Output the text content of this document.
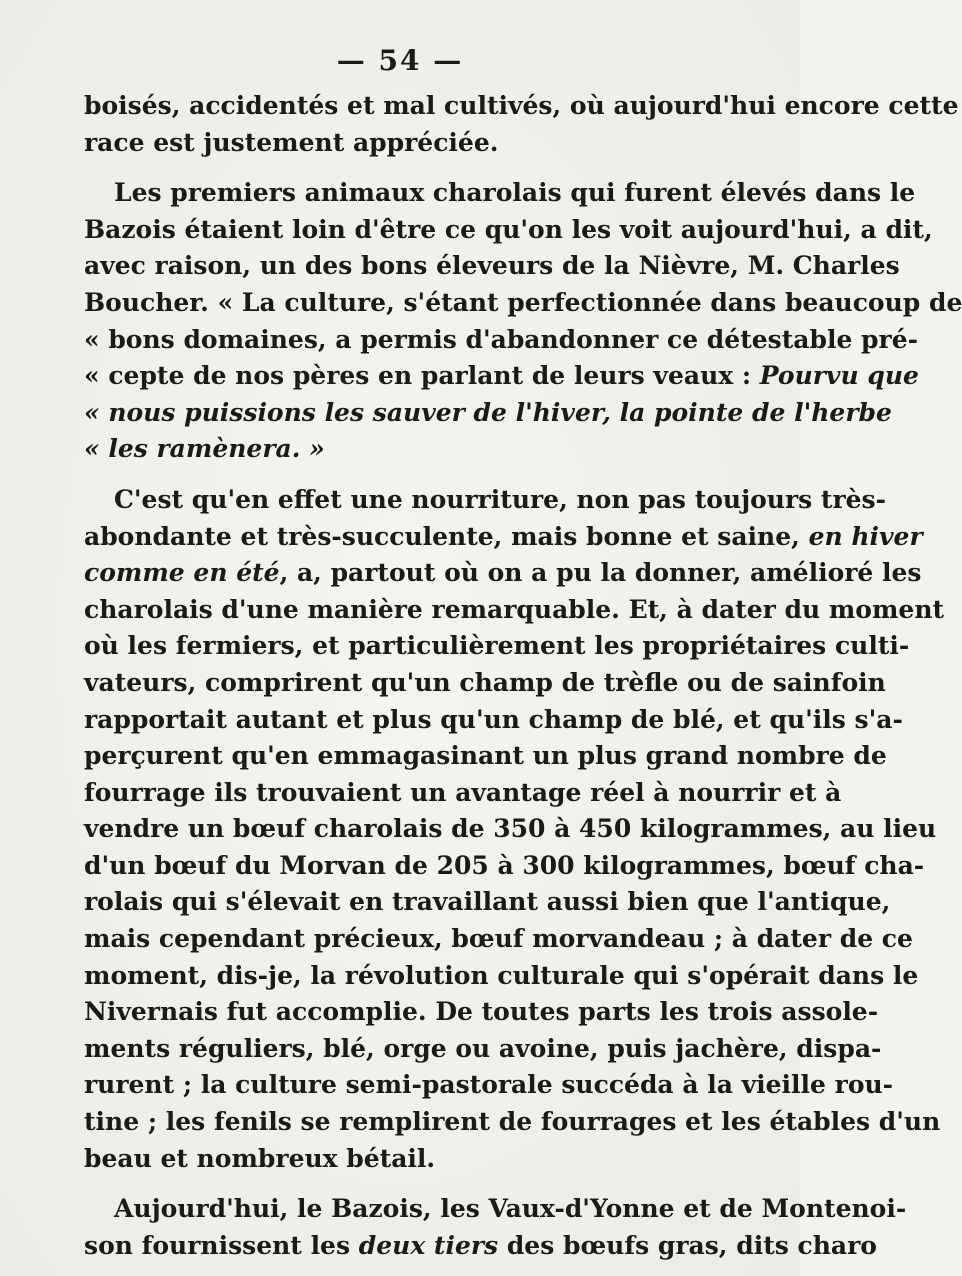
— 54 —
boisés, accidentés et mal cultivés, où aujourd'hui encore cette
race est justement appréciée.
Les premiers animaux charolais qui furent élevés dans le
Bazois étaient loin d'être ce qu'on les voit aujourd'hui, a dit,
avec raison, un des bons éleveurs de la Nièvre, M. Charles
Boucher. « La culture, s'étant perfectionnée dans beaucoup de
« bons domaines, a permis d'abandonner ce détestable pré-
« cepte de nos pères en parlant de leurs veaux : Pourvu que
« nous puissions les sauver de l'hiver, la pointe de l'herbe
« les ramènera. »
C'est qu'en effet une nourriture, non pas toujours très-
abondante et très-succulente, mais bonne et saine, en hiver
comme en été, a, partout où on a pu la donner, amélioré les
charolais d'une manière remarquable. Et, à dater du moment
où les fermiers, et particulièrement les propriétaires culti-
vateurs, comprirent qu'un champ de trèfle ou de sainfoin
rapportait autant et plus qu'un champ de blé, et qu'ils s'a-
perçurent qu'en emmagasinant un plus grand nombre de
fourrage ils trouvaient un avantage réel à nourrir et à
vendre un bœuf charolais de 350 à 450 kilogrammes, au lieu
d'un bœuf du Morvan de 205 à 300 kilogrammes, bœuf cha-
rolais qui s'élevait en travaillant aussi bien que l'antique,
mais cependant précieux, bœuf morvandeau ; à dater de ce
moment, dis-je, la révolution culturale qui s'opérait dans le
Nivernais fut accomplie. De toutes parts les trois assole-
ments réguliers, blé, orge ou avoine, puis jachère, dispa-
rurent ; la culture semi-pastorale succéda à la vieille rou-
tine ; les fenils se remplirent de fourrages et les étables d'un
beau et nombreux bétail.
Aujourd'hui, le Bazois, les Vaux-d'Yonne et de Montenoi-
son fournissent les deux tiers des bœufs gras, dits charo
